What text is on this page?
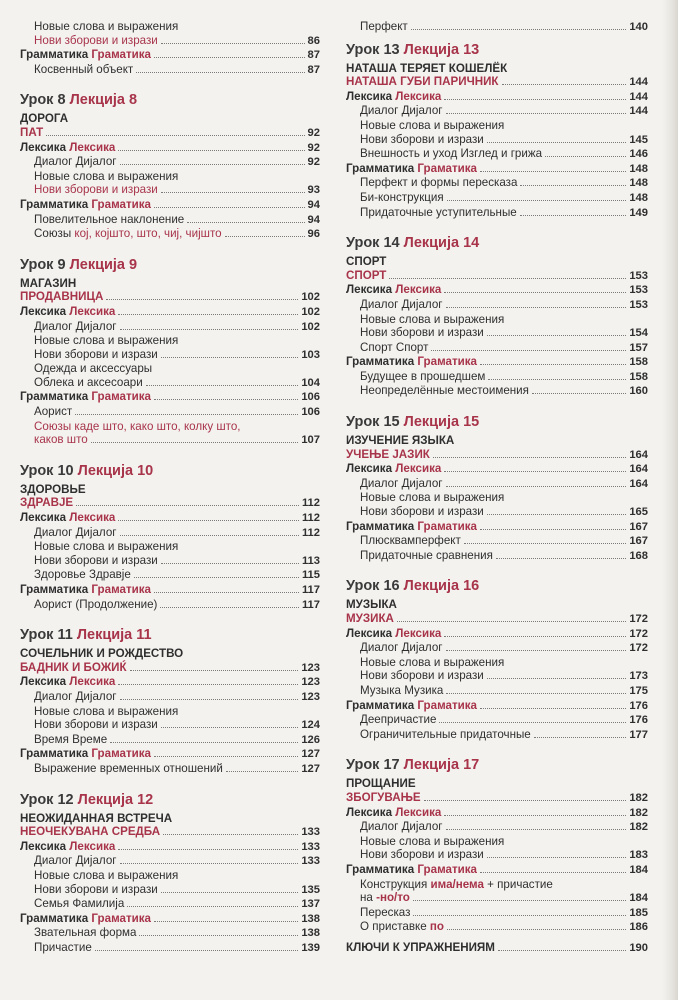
Новые слова и выражения
Нови зборови и изрази	86
Грамматика Граматика	87
Косвенный объект	87
Урок 8 Лекција 8
ДОРОГА
ПАТ	92
Лексика Лексика	92
Диалог Дијалог	92
Новые слова и выражения
Нови зборови и изрази	93
Грамматика Граматика	94
Повелительное наклонение	94
Союзы кој, којшто, што, чиј, чијшто	96
Урок 9 Лекција 9
МАГАЗИН
ПРОДАВНИЦА	102
Лексика Лексика	102
Диалог Дијалог	102
Новые слова и выражения
Нови зборови и изрази	103
Одежда и аксессуары
Облека и аксесоари	104
Грамматика Граматика	106
Аорист	106
Союзы каде што, како што, колку што,
каков што	107
Урок 10 Лекција 10
ЗДОРОВЬЕ
ЗДРАВЈЕ	112
Лексика Лексика	112
Диалог Дијалог	112
Новые слова и выражения
Нови зборови и изрази	113
Здоровье Здравје	115
Грамматика Граматика	117
Аорист (Продолжение)	117
Урок 11 Лекција 11
СОЧЕЛЬНИК И РОЖДЕСТВО
БАДНИК И БОЖИЌ	123
Лексика Лексика	123
Диалог Дијалог	123
Новые слова и выражения
Нови зборови и изрази	124
Время Време	126
Грамматика Граматика	127
Выражение временных отношений	127
Урок 12 Лекција 12
НЕОЖИДАННАЯ ВСТРЕЧА
НЕОЧЕКУВАНА СРЕДБА	133
Лексика Лексика	133
Диалог Дијалог	133
Новые слова и выражения
Нови зборови и изрази	135
Семья Фамилија	137
Грамматика Граматика	138
Звательная форма	138
Причастие	139
Перфект	140
Урок 13 Лекција 13
НАТАША ТЕРЯЕТ КОШЕЛЁК
НАТАША ГУБИ ПАРИЧНИК	144
Лексика Лексика	144
Диалог Дијалог	144
Новые слова и выражения
Нови зборови и изрази	145
Внешность и уход Изглед и грижа	146
Грамматика Граматика	148
Перфект и формы пересказа	148
Би-конструкция	148
Придаточные уступительные	149
Урок 14 Лекција 14
СПОРТ
СПОРТ	153
Лексика Лексика	153
Диалог Дијалог	153
Новые слова и выражения
Нови зборови и изрази	154
Спорт Спорт	157
Грамматика Граматика	158
Будущее в прошедшем	158
Неопределённые местоимения	160
Урок 15 Лекција 15
ИЗУЧЕНИЕ ЯЗЫКА
УЧЕЊЕ ЈАЗИК	164
Лексика Лексика	164
Диалог Дијалог	164
Новые слова и выражения
Нови зборови и изрази	165
Грамматика Граматика	167
Плюсквамперфект	167
Придаточные сравнения	168
Урок 16 Лекција 16
МУЗЫКА
МУЗИКА	172
Лексика Лексика	172
Диалог Дијалог	172
Новые слова и выражения
Нови зборови и изрази	173
Музыка Музика	175
Грамматика Граматика	176
Деепричастие	176
Ограничительные придаточные	177
Урок 17 Лекција 17
ПРОЩАНИЕ
ЗБОГУВАЊЕ	182
Лексика Лексика	182
Диалог Дијалог	182
Новые слова и выражения
Нови зборови и изрази	183
Грамматика Граматика	184
Конструкция има/нема + причастие
на -но/то	184
Пересказ	185
О приставке по	186
КЛЮЧИ К УПРАЖНЕНИЯМ	190
